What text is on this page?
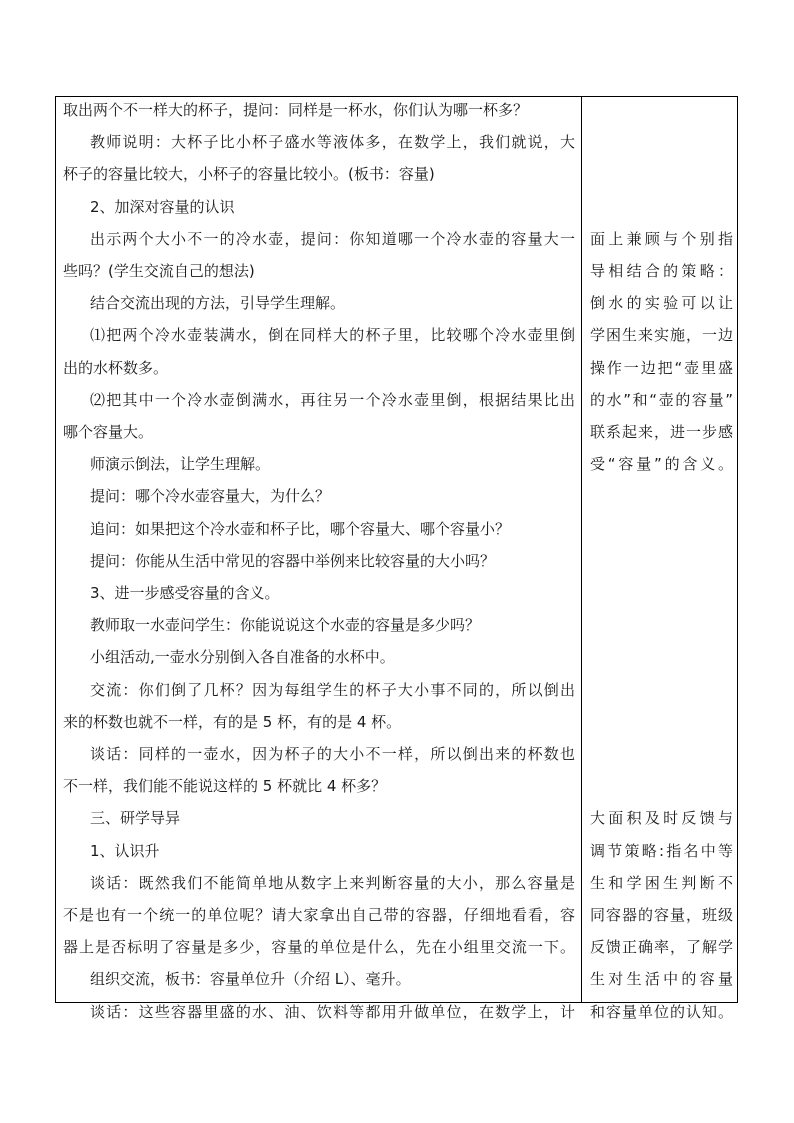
取出两个不一样大的杯子，提问：同样是一杯水，你们认为哪一杯多？
教师说明：大杯子比小杯子盛水等液体多，在数学上，我们就说，大
杯子的容量比较大，小杯子的容量比较小。(板书：容量)
2、加深对容量的认识
出示两个大小不一的冷水壶，提问：你知道哪一个冷水壶的容量大一
些吗？(学生交流自己的想法)
结合交流出现的方法，引导学生理解。
⑴把两个冷水壶装满水，倒在同样大的杯子里，比较哪个冷水壶里倒
出的水杯数多。
⑵把其中一个冷水壶倒满水，再往另一个冷水壶里倒，根据结果比出
哪个容量大。
师演示倒法，让学生理解。
提问：哪个冷水壶容量大，为什么？
追问：如果把这个冷水壶和杯子比，哪个容量大、哪个容量小？
提问：你能从生活中常见的容器中举例来比较容量的大小吗？
3、进一步感受容量的含义。
教师取一水壶问学生：你能说说这个水壶的容量是多少吗？
小组活动,一壶水分别倒入各自准备的水杯中。
交流：你们倒了几杯？因为每组学生的杯子大小事不同的，所以倒出
来的杯数也就不一样，有的是 5 杯，有的是 4 杯。
谈话：同样的一壶水，因为杯子的大小不一样，所以倒出来的杯数也
不一样，我们能不能说这样的 5 杯就比 4 杯多？
三、研学导异
1、认识升
谈话：既然我们不能简单地从数字上来判断容量的大小，那么容量是
不是也有一个统一的单位呢？请大家拿出自己带的容器，仔细地看看，容
器上是否标明了容量是多少，容量的单位是什么，先在小组里交流一下。
组织交流，板书：容量单位升（介绍 L）、毫升。
谈话：这些容器里盛的水、油、饮料等都用升做单位，在数学上，计
面上兼顾与个别指
导相结合的策略：
倒水的实验可以让
学困生来实施，一边
操作一边把“壶里盛
的水”和“壶的容量”
联系起来，进一步感
受“容量”的含义。
大面积及时反馈与
调节策略:指名中等
生和学困生判断不
同容器的容量，班级
反馈正确率，了解学
生对生活中的容量
和容量单位的认知。
